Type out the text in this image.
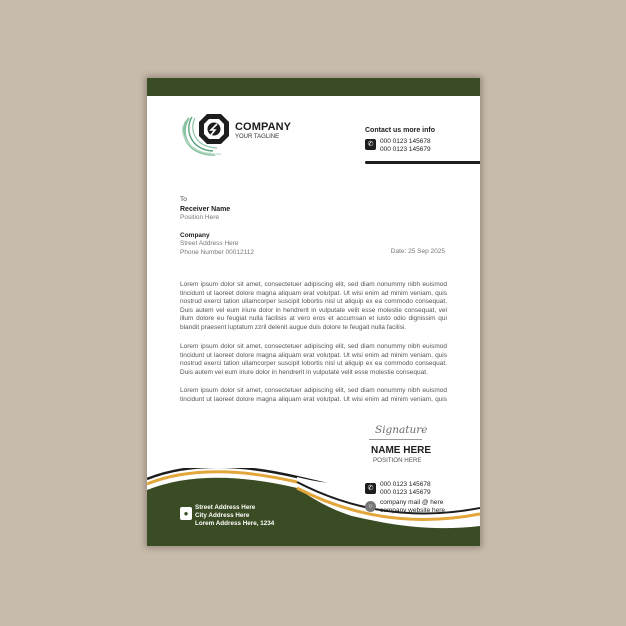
COMPANY
YOUR TAGLINE
Contact us more info
✆	000 0123 145678
000 0123 145679
To
Receiver Name
Position Here
Company
Street Address Here
Phone Number 00012112	Date: 25 Sep 2025
Lorem ipsum dolor sit amet, consectetuer adipiscing elit, sed diam nonummy nibh euismod
tincidunt ut laoreet dolore magna aliquam erat volutpat. Ut wisi enim ad minim veniam, quis
nostrud exerci tation ullamcorper suscipit lobortis nisl ut aliquip ex ea commodo consequat.
Duis autem vel eum iriure dolor in hendrerit in vulputate velit esse molestie consequat, vel
illum dolore eu feugiat nulla facilisis at vero eros et accumsan et iusto odio dignissim qui
blandit praesent luptatum zzril delenit augue duis dolore te feugait nulla facilisi.
Lorem ipsum dolor sit amet, consectetuer adipiscing elit, sed diam nonummy nibh euismod
tincidunt ut laoreet dolore magna aliquam erat volutpat. Ut wisi enim ad minim veniam, quis
nostrud exerci tation ullamcorper suscipit lobortis nisl ut aliquip ex ea commodo consequat.
Duis autem vel eum iriure dolor in hendrerit in vulputate velit esse molestie consequat.
Lorem ipsum dolor sit amet, consectetuer adipiscing elit, sed diam nonummy nibh euismod
tincidunt ut laoreet dolore magna aliquam erat volutpat. Ut wisi enim ad minim veniam, quis
Signature
NAME HERE
POSITION HERE
●
Street Address Here
City Address Here
Lorem Address Here, 1234
✆
000 0123 145678
000 0123 145679
○
company mail @ here
company website here
